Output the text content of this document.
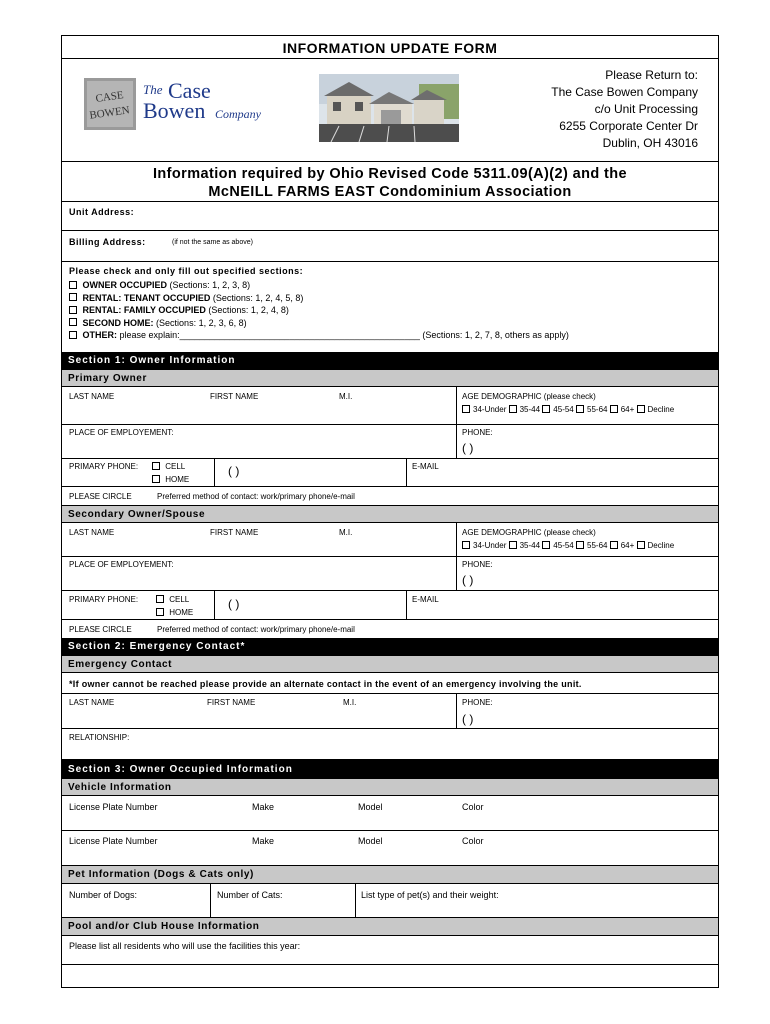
INFORMATION UPDATE FORM
CASE
BOWEN
The Case
Bowen Company
Please Return to:
The Case Bowen Company
c/o Unit Processing
6255 Corporate Center Dr
Dublin, OH 43016
Information required by Ohio Revised Code 5311.09(A)(2) and the
McNEILL FARMS EAST Condominium Association
Unit Address:
Billing Address:	(if not the same as above)
Please check and only fill out specified sections:
OWNER OCCUPIED (Sections: 1, 2, 3, 8)
RENTAL: TENANT OCCUPIED (Sections: 1, 2, 4, 5, 8)
RENTAL: FAMILY OCCUPIED (Sections: 1, 2, 4, 8)
SECOND HOME: (Sections: 1, 2, 3, 6, 8)
OTHER: please explain:________________________________________________ (Sections: 1, 2, 7, 8, others as apply)
Section 1: Owner Information
Primary Owner
LAST NAME	FIRST NAME	M.I.	AGE DEMOGRAPHIC (please check)
34-Under 35-44 45-54 55-64 64+ Decline
PLACE OF EMPLOYEMENT:	PHONE:
( )
PRIMARY PHONE:	CELL
HOME
( )	E-MAIL
PLEASE CIRCLE	Preferred method of contact: work/primary phone/e-mail
Secondary Owner/Spouse
LAST NAME	FIRST NAME	M.I.	AGE DEMOGRAPHIC (please check)
34-Under 35-44 45-54 55-64 64+ Decline
PLACE OF EMPLOYEMENT:	PHONE:
( )
PRIMARY PHONE:	CELL
HOME
( )	E-MAIL
PLEASE CIRCLE	Preferred method of contact: work/primary phone/e-mail
Section 2: Emergency Contact*
Emergency Contact
*If owner cannot be reached please provide an alternate contact in the event of an emergency involving the unit.
LAST NAME	FIRST NAME	M.I.	PHONE:
( )
RELATIONSHIP:
Section 3: Owner Occupied Information
Vehicle Information
License Plate Number	Make	Model	Color
License Plate Number	Make	Model	Color
Pet Information (Dogs & Cats only)
Number of Dogs:	Number of Cats:	List type of pet(s) and their weight:
Pool and/or Club House Information
Please list all residents who will use the facilities this year:
